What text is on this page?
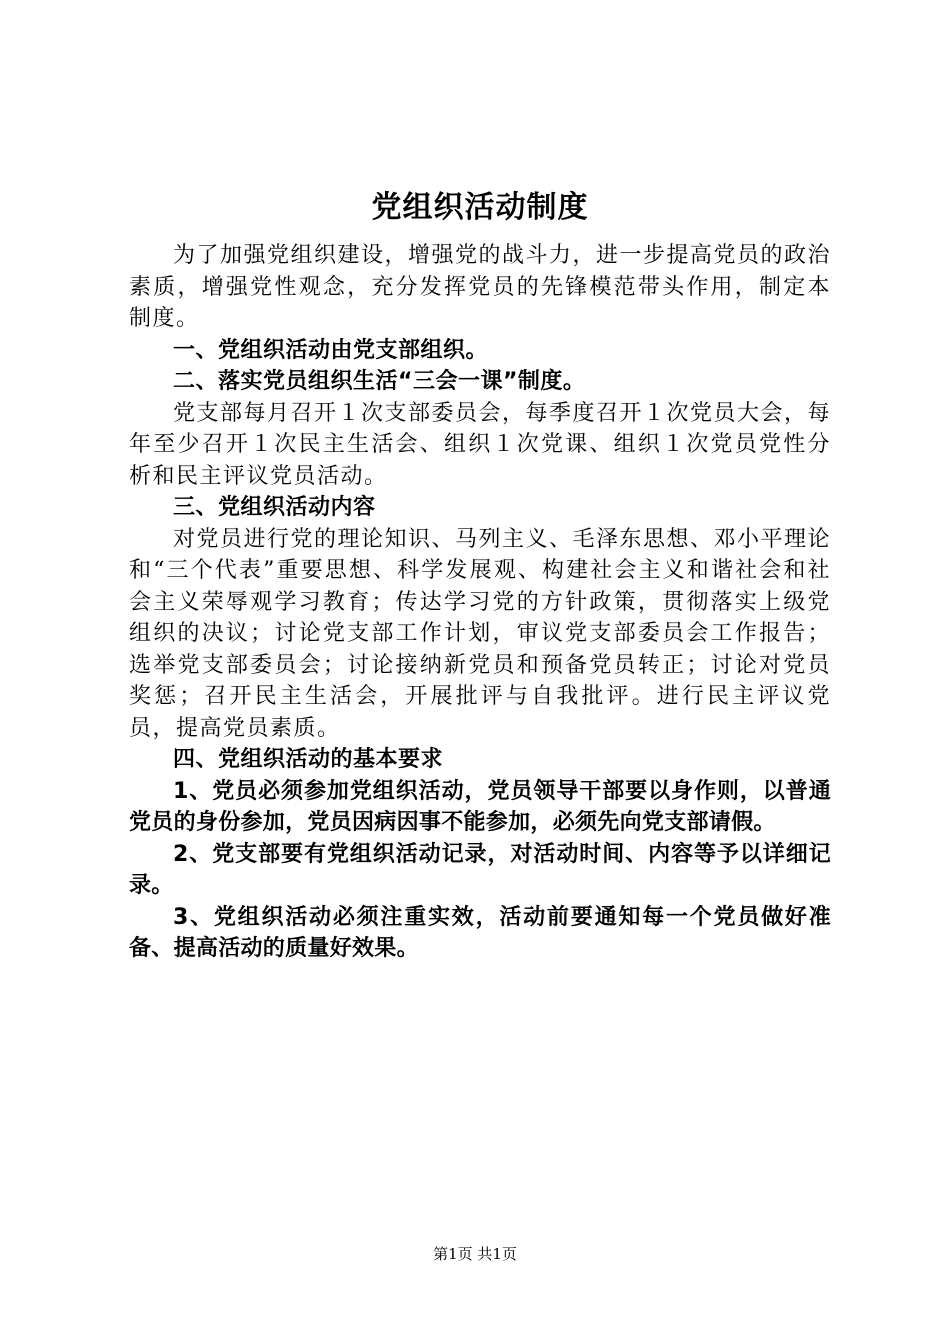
党组织活动制度

为了加强党组织建设，增强党的战斗力，进一步提高党员的政治素质，增强党性观念，充分发挥党员的先锋模范带头作用，制定本制度。

一、党组织活动由党支部组织。

二、落实党员组织生活“三会一课”制度。

党支部每月召开１次支部委员会，每季度召开１次党员大会，每年至少召开１次民主生活会、组织１次党课、组织１次党员党性分析和民主评议党员活动。

三、党组织活动内容

对党员进行党的理论知识、马列主义、毛泽东思想、邓小平理论和“三个代表”重要思想、科学发展观、构建社会主义和谐社会和社会主义荣辱观学习教育；传达学习党的方针政策，贯彻落实上级党组织的决议；讨论党支部工作计划，审议党支部委员会工作报告；选举党支部委员会；讨论接纳新党员和预备党员转正；讨论对党员奖惩；召开民主生活会，开展批评与自我批评。进行民主评议党员，提高党员素质。

四、党组织活动的基本要求

1、党员必须参加党组织活动，党员领导干部要以身作则，以普通党员的身份参加，党员因病因事不能参加，必须先向党支部请假。

2、党支部要有党组织活动记录，对活动时间、内容等予以详细记录。

3、党组织活动必须注重实效，活动前要通知每一个党员做好准备、提高活动的质量好效果。

第1页 共1页
